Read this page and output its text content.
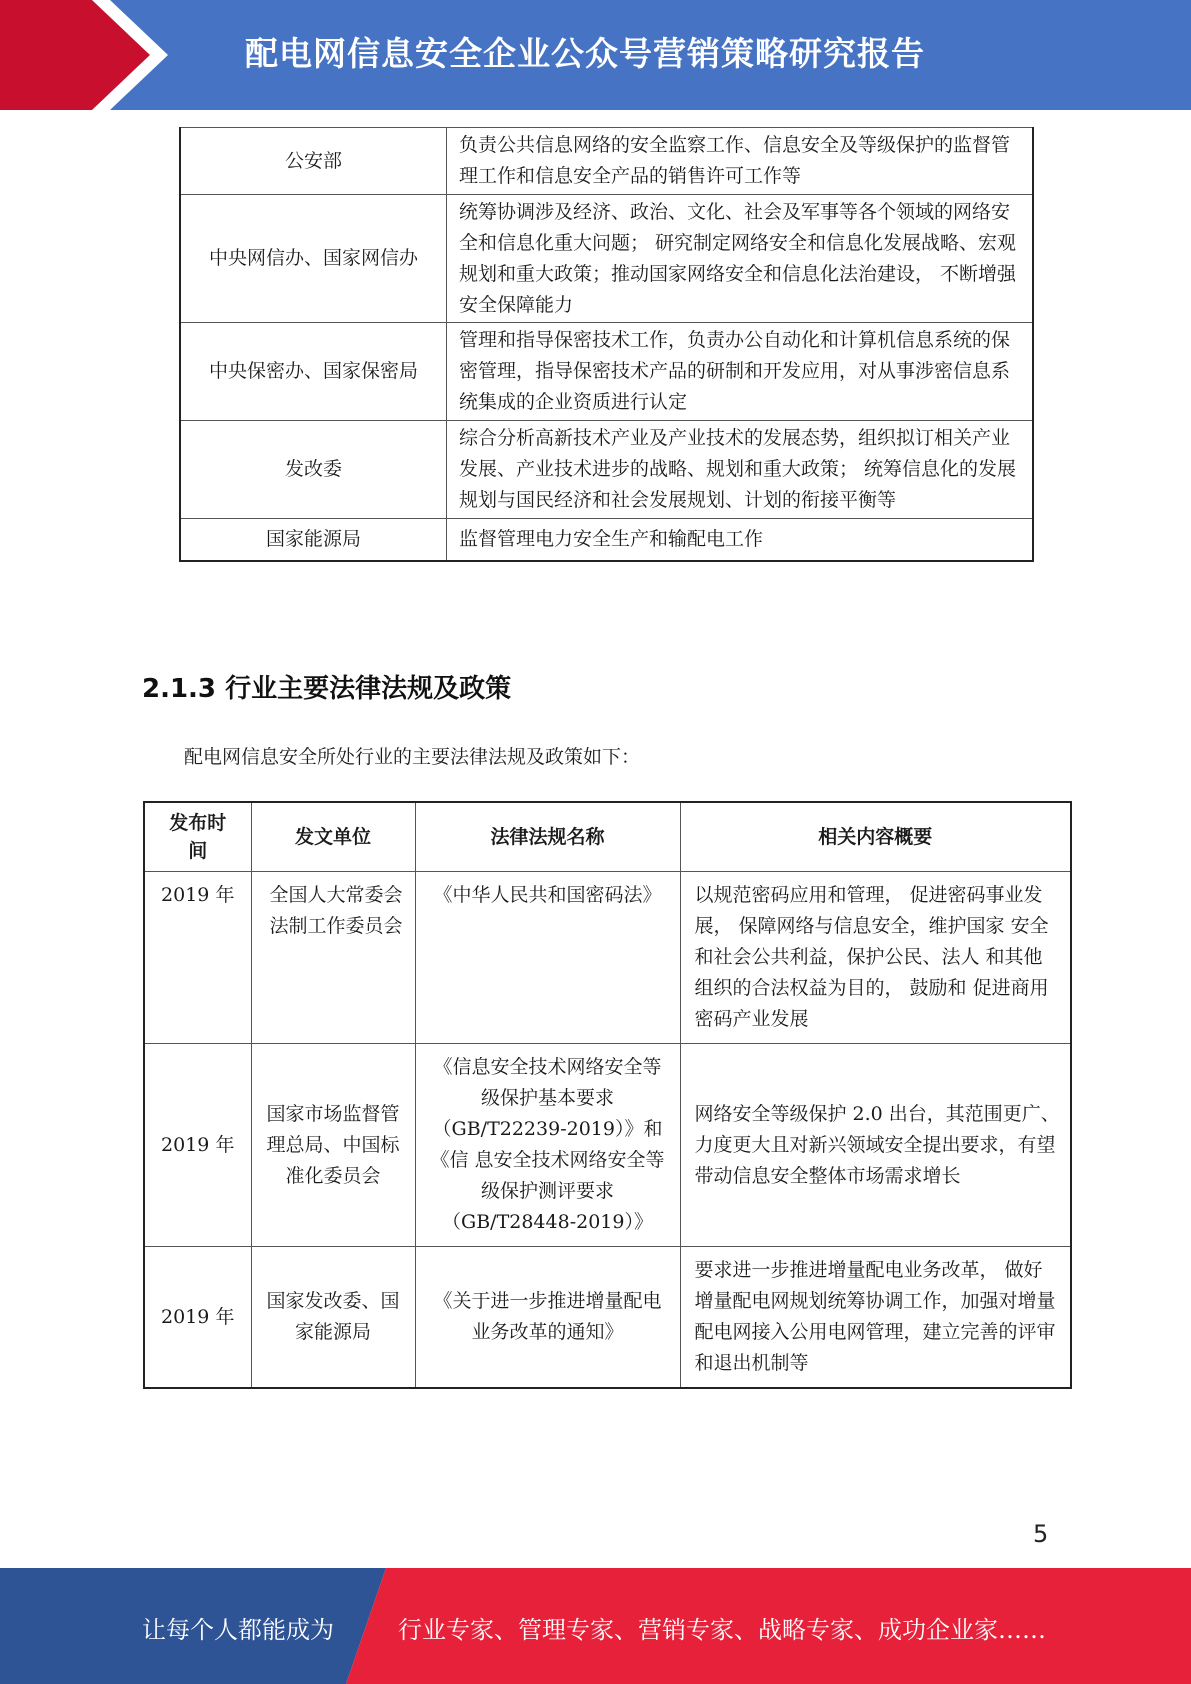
配电网信息安全企业公众号营销策略研究报告
公安部	负责公共信息网络的安全监察工作、信息安全及等级保护的监督管理工作和信息安全产品的销售许可工作等
中央网信办、国家网信办	统筹协调涉及经济、政治、文化、社会及军事等各个领域的网络安全和信息化重大问题； 研究制定网络安全和信息化发展战略、宏观规划和重大政策；推动国家网络安全和信息化法治建设， 不断增强安全保障能力
中央保密办、国家保密局	管理和指导保密技术工作，负责办公自动化和计算机信息系统的保密管理，指导保密技术产品的研制和开发应用，对从事涉密信息系统集成的企业资质进行认定
发改委	综合分析高新技术产业及产业技术的发展态势，组织拟订相关产业发展、产业技术进步的战略、规划和重大政策； 统筹信息化的发展规划与国民经济和社会发展规划、计划的衔接平衡等
国家能源局	监督管理电力安全生产和输配电工作
2.1.3 行业主要法律法规及政策
配电网信息安全所处行业的主要法律法规及政策如下：
发布时间	发文单位	法律法规名称	相关内容概要
2019 年	全国人大常委会法制工作委员会	《中华人民共和国密码法》	以规范密码应用和管理， 促进密码事业发展， 保障网络与信息安全，维护国家 安全和社会公共利益，保护公民、法人 和其他组织的合法权益为目的， 鼓励和 促进商用密码产业发展
2019 年	国家市场监督管理总局、中国标准化委员会	《信息安全技术网络安全等级保护基本要求（GB/T22239-2019）》和《信 息安全技术网络安全等级保护测评要求（GB/T28448-2019）》	网络安全等级保护 2.0 出台，其范围更广、力度更大且对新兴领域安全提出要求，有望带动信息安全整体市场需求增长
2019 年	国家发改委、国家能源局	《关于进一步推进增量配电业务改革的通知》	要求进一步推进增量配电业务改革， 做好增量配电网规划统筹协调工作，加强对增量配电网接入公用电网管理，建立完善的评审和退出机制等
5
让每个人都能成为	行业专家、管理专家、营销专家、战略专家、成功企业家……
